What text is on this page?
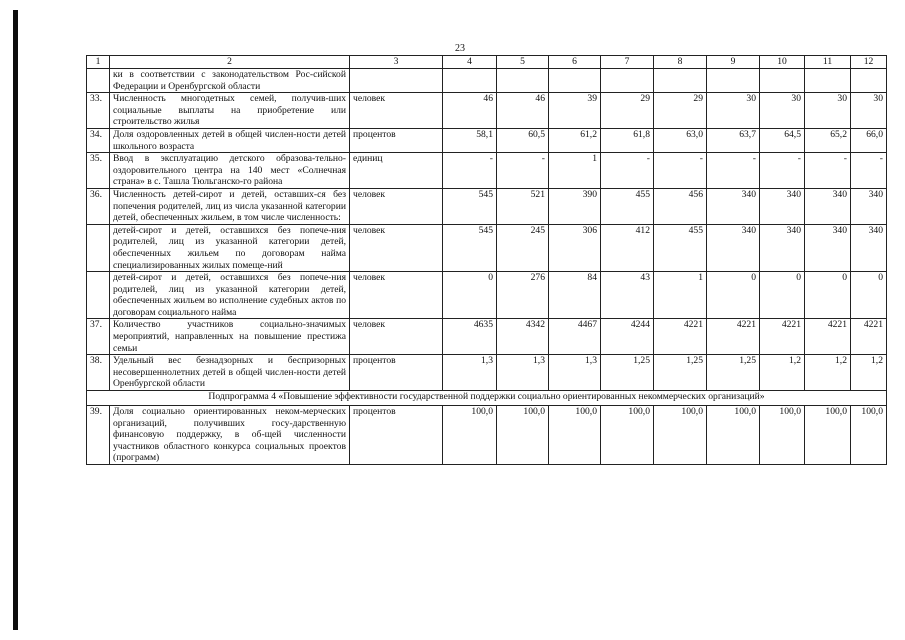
23
1	2	3	4	5	6	7	8	9	10	11	12
	ки в соответствии с законодательством Рос-сийской Федерации и Оренбургской области										
33.	Численность многодетных семей, получив-ших социальные выплаты на приобретение или строительство жилья	человек	46	46	39	29	29	30	30	30	30
34.	Доля оздоровленных детей в общей числен-ности детей школьного возраста	процентов	58,1	60,5	61,2	61,8	63,0	63,7	64,5	65,2	66,0
35.	Ввод в эксплуатацию детского образова-тельно-оздоровительного центра на 140 мест «Солнечная страна» в с. Ташла Тюльганско-го района	единиц	-	-	1	-	-	-	-	-	-
36.	Численность детей-сирот и детей, оставших-ся без попечения родителей, лиц из числа указанной категории детей, обеспеченных жильем, в том числе численность:	человек	545	521	390	455	456	340	340	340	340
	детей-сирот и детей, оставшихся без попече-ния родителей, лиц из указанной категории детей, обеспеченных жильем по договорам найма специализированных жилых помеще-ний	человек	545	245	306	412	455	340	340	340	340
	детей-сирот и детей, оставшихся без попече-ния родителей, лиц из указанной категории детей, обеспеченных жильем во исполнение судебных актов по договорам социального найма	человек	0	276	84	43	1	0	0	0	0
37.	Количество участников социально-значимых мероприятий, направленных на повышение престижа семьи	человек	4635	4342	4467	4244	4221	4221	4221	4221	4221
38.	Удельный вес безнадзорных и беспризорных несовершеннолетних детей в общей числен-ности детей Оренбургской области	процентов	1,3	1,3	1,3	1,25	1,25	1,25	1,2	1,2	1,2
Подпрограмма 4 «Повышение эффективности государственной поддержки социально ориентированных некоммерческих организаций»											
39.	Доля социально ориентированных неком-мерческих организаций, получивших госу-дарственную финансовую поддержку, в об-щей численности участников областного конкурса социальных проектов (программ)	процентов	100,0	100,0	100,0	100,0	100,0	100,0	100,0	100,0	100,0
